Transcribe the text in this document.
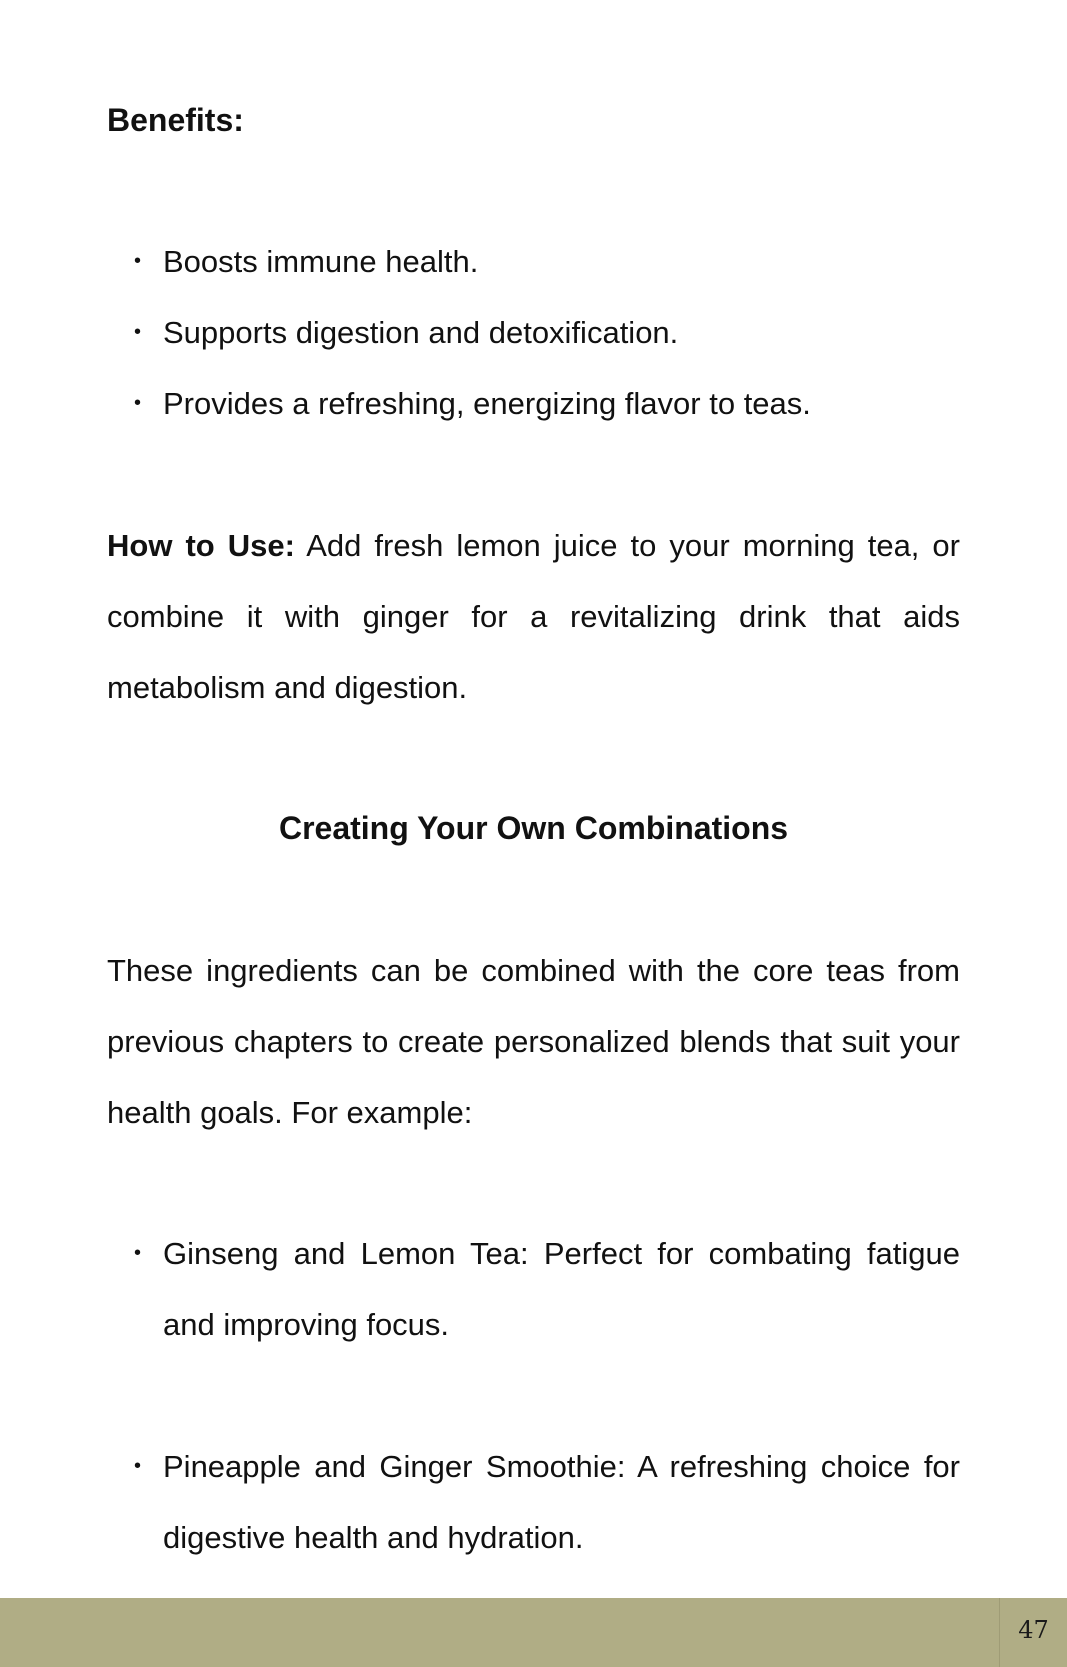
Benefits:
• Boosts immune health.
• Supports digestion and detoxification.
• Provides a refreshing, energizing flavor to teas.

How to Use: Add fresh lemon juice to your morning tea, or combine it with ginger for a revitalizing drink that aids metabolism and digestion.

Creating Your Own Combinations

These ingredients can be combined with the core teas from previous chapters to create personalized blends that suit your health goals. For example:

• Ginseng and Lemon Tea: Perfect for combating fatigue and improving focus.
• Pineapple and Ginger Smoothie: A refreshing choice for digestive health and hydration.
47
